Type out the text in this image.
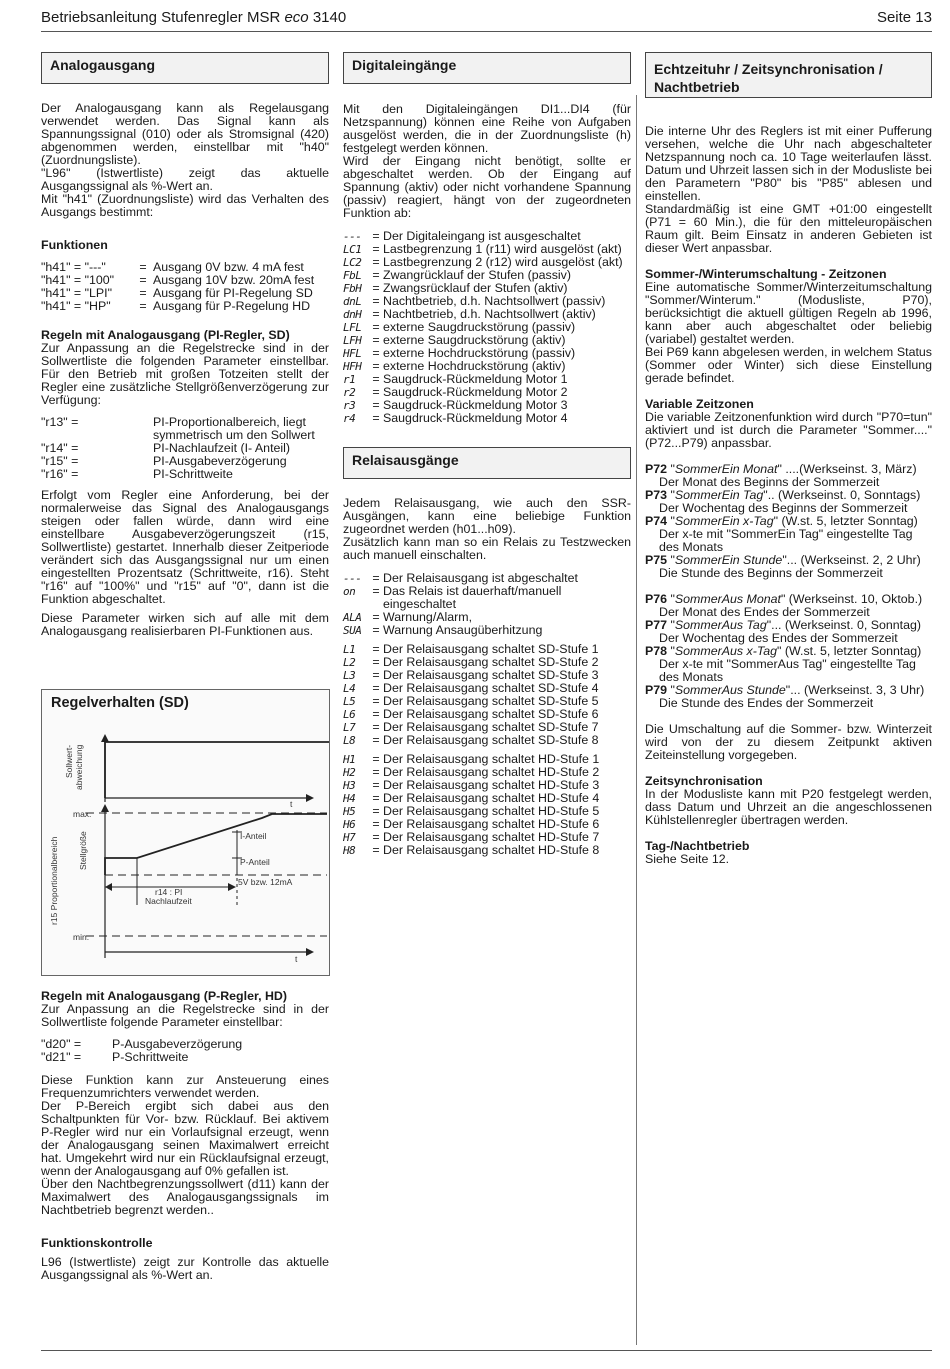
Betriebsanleitung Stufenregler MSR eco 3140	Seite 13
Analogausgang

Der Analogausgang kann als Regelausgang verwendet werden. Das Signal kann als Spannungssignal (010) oder als Stromsignal (420) abgenommen werden, einstellbar mit "h40" (Zuordnungsliste).

"L96" (Istwertliste) zeigt das aktuelle Ausgangssignal als %-Wert an.

Mit "h41" (Zuordnungsliste) wird das Verhalten des Ausgangs bestimmt:

Funktionen

"h41" = "---"	= Ausgang 0V bzw. 4 mA fest
"h41" = "100"	= Ausgang 10V bzw. 20mA fest
"h41" = "LPI"	= Ausgang für PI-Regelung SD
"h41" = "HP"	= Ausgang für P-Regelung HD

Regeln mit Analogausgang (PI-Regler, SD)

Zur Anpassung an die Regelstrecke sind in der Sollwertliste die folgenden Parameter einstellbar. Für den Betrieb mit großen Totzeiten stellt der Regler eine zusätzliche Stellgrößenverzögerung zur Verfügung:

"r13" =	PI-Proportionalbereich, liegt symmetrisch um den Sollwert
"r14" =	PI-Nachlaufzeit (I- Anteil)
"r15" =	PI-Ausgabeverzögerung
"r16" =	PI-Schrittweite

Erfolgt vom Regler eine Anforderung, bei der normalerweise das Signal des Analogausgangs steigen oder fallen würde, dann wird eine einstellbare Ausgabeverzögerungszeit (r15, Sollwertliste) gestartet. Innerhalb dieser Zeitperiode verändert sich das Ausgangssignal nur um einen eingestellten Prozentsatz (Schrittweite, r16). Steht "r16" auf "100%" und "r15" auf "0", dann ist die Funktion abgeschaltet.

Diese Parameter wirken sich auf alle mit dem Analogausgang realisierbaren PI-Funktionen aus.

Regelverhalten (SD)
Sollwert- abweichung
t
max.
min.
Stellgröße
r15 Proportionalbereich
I-Anteil
P-Anteil
5V bzw. 12mA
r14 : PI
Nachlaufzeit
t

Regeln mit Analogausgang (P-Regler, HD)

Zur Anpassung an die Regelstrecke sind in der Sollwertliste folgende Parameter einstellbar:

"d20" =	P-Ausgabeverzögerung
"d21" =	P-Schrittweite

Diese Funktion kann zur Ansteuerung eines Frequenzumrichters verwendet werden.

Der P-Bereich ergibt sich dabei aus den Schaltpunkten für Vor- bzw. Rücklauf. Bei aktivem P-Regler wird nur ein Vorlaufsignal erzeugt, wenn der Analogausgang seinen Maximalwert erreicht hat. Umgekehrt wird nur ein Rücklaufsignal erzeugt, wenn der Analogausgang auf 0% gefallen ist.

Über den Nachtbegrenzungssollwert (d11) kann der Maximalwert des Analogausgangssignals im Nachtbetrieb begrenzt werden..

Funktionskontrolle

L96 (Istwertliste) zeigt zur Kontrolle das aktuelle Ausgangssignal als %-Wert an.

Digitaleingänge

Mit den Digitaleingängen DI1...DI4 (für Netzspannung) können eine Reihe von Aufgaben ausgelöst werden, die in der Zuordnungsliste (h) festgelegt werden können.

Wird der Eingang nicht benötigt, sollte er abgeschaltet werden. Ob der Eingang auf Spannung (aktiv) oder nicht vorhandene Spannung (passiv) reagiert, hängt von der zugeordneten Funktion ab:

--- = Der Digitaleingang ist ausgeschaltet
LC1 = Lastbegrenzung 1 (r11) wird ausgelöst (akt)
LC2 = Lastbegrenzung 2 (r12) wird ausgelöst (akt)
FbL = Zwangrücklauf der Stufen (passiv)
FbH = Zwangsrücklauf der Stufen (aktiv)
dnL = Nachtbetrieb, d.h. Nachtsollwert (passiv)
dnH = Nachtbetrieb, d.h. Nachtsollwert (aktiv)
LFL = externe Saugdruckstörung (passiv)
LFH = externe Saugdruckstörung (aktiv)
HFL = externe Hochdruckstörung (passiv)
HFH = externe Hochdruckstörung (aktiv)
r1	= Saugdruck-Rückmeldung Motor 1
r2	= Saugdruck-Rückmeldung Motor 2
r3	= Saugdruck-Rückmeldung Motor 3
r4	= Saugdruck-Rückmeldung Motor 4
Relaisausgänge

Jedem Relaisausgang, wie auch den SSR-Ausgängen, kann eine beliebige Funktion zugeordnet werden (h01...h09).

Zusätzlich kann man so ein Relais zu Testzwecken auch manuell einschalten.

--- = Der Relaisausgang ist abgeschaltet
on	= Das Relais ist dauerhaft/manuell eingeschaltet
ALA = Warnung/Alarm,
SUA = Warnung Ansaugüberhitzung
L1	= Der Relaisausgang schaltet SD-Stufe 1
L2	= Der Relaisausgang schaltet SD-Stufe 2
L3	= Der Relaisausgang schaltet SD-Stufe 3
L4	= Der Relaisausgang schaltet SD-Stufe 4
L5	= Der Relaisausgang schaltet SD-Stufe 5
L6	= Der Relaisausgang schaltet SD-Stufe 6
L7	= Der Relaisausgang schaltet SD-Stufe 7
L8	= Der Relaisausgang schaltet SD-Stufe 8
H1	= Der Relaisausgang schaltet HD-Stufe 1
H2	= Der Relaisausgang schaltet HD-Stufe 2
H3	= Der Relaisausgang schaltet HD-Stufe 3
H4	= Der Relaisausgang schaltet HD-Stufe 4
H5	= Der Relaisausgang schaltet HD-Stufe 5
H6	= Der Relaisausgang schaltet HD-Stufe 6
H7	= Der Relaisausgang schaltet HD-Stufe 7
H8	= Der Relaisausgang schaltet HD-Stufe 8
Echtzeituhr / Zeitsynchronisation / Nachtbetrieb

Die interne Uhr des Reglers ist mit einer Pufferung versehen, welche die Uhr nach abgeschalteter Netzspannung noch ca. 10 Tage weiterlaufen lässt. Datum und Uhrzeit lassen sich in der Modusliste bei den Parametern "P80" bis "P85" ablesen und einstellen.

Standardmäßig ist eine GMT +01:00 eingestellt (P71 = 60 Min.), die für den mitteleuropäischen Raum gilt. Beim Einsatz in anderen Gebieten ist dieser Wert anpassbar.

Sommer-/Winterumschaltung - Zeitzonen

Eine automatische Sommer/Winterzeitumschaltung "Sommer/Winterum." (Modusliste, P70), berücksichtigt die aktuell gültigen Regeln ab 1996, kann aber auch abgeschaltet oder beliebig (variabel) gestaltet werden.

Bei P69 kann abgelesen werden, in welchem Status (Sommer oder Winter) sich diese Einstellung gerade befindet.

Variable Zeitzonen

Die variable Zeitzonenfunktion wird durch "P70=tun" aktiviert und ist durch die Parameter "Sommer...." (P72...P79) anpassbar.

P72 "SommerEin Monat" ....(Werkseinst. 3, März)

Der Monat des Beginns der Sommerzeit

P73 "SommerEin Tag".. (Werkseinst. 0, Sonntags)

Der Wochentag des Beginns der Sommerzeit

P74 "SommerEin x-Tag" (W.st. 5, letzter Sonntag)

Der x-te mit "SommerEin Tag" eingestellte Tag des Monats

P75 "SommerEin Stunde"... (Werkseinst. 2, 2 Uhr)

Die Stunde des Beginns der Sommerzeit

P76 "SommerAus Monat" (Werkseinst. 10, Oktob.)

Der Monat des Endes der Sommerzeit

P77 "SommerAus Tag"... (Werkseinst. 0, Sonntag)

Der Wochentag des Endes der Sommerzeit

P78 "SommerAus x-Tag" (W.st. 5, letzter Sonntag)

Der x-te mit "SommerAus Tag" eingestellte Tag des Monats

P79 "SommerAus Stunde"... (Werkseinst. 3, 3 Uhr)

Die Stunde des Endes der Sommerzeit

Die Umschaltung auf die Sommer- bzw. Winterzeit wird von der zu diesem Zeitpunkt aktiven Zeiteinstellung vorgegeben.

Zeitsynchronisation

In der Modusliste kann mit P20 festgelegt werden, dass Datum und Uhrzeit an die angeschlossenen Kühlstellenregler übertragen werden.

Tag-/Nachtbetrieb

Siehe Seite 12.
